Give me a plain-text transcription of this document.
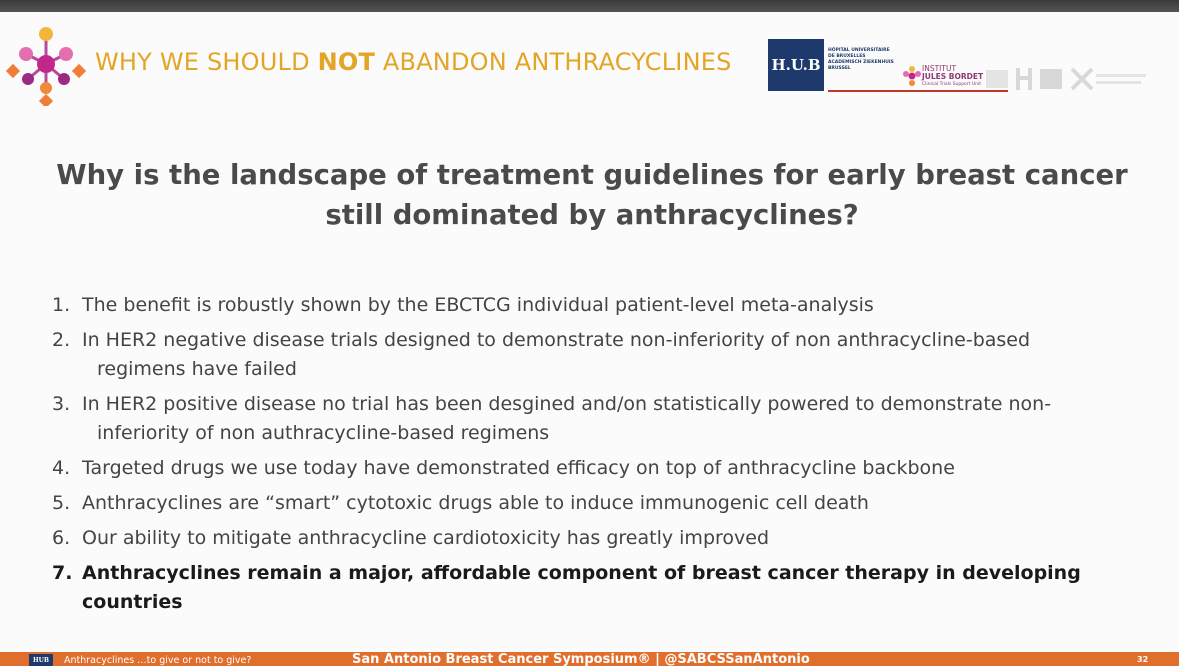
WHY WE SHOULD NOT ABANDON ANTHRACYCLINES	H.U.B
HÔPITAL UNIVERSITAIRE
DE BRUXELLES
ACADEMISCH ZIEKENHUIS
BRUSSEL	INSTITUT
JULES BORDET
Clinical Trials Support Unit
Why is the landscape of treatment guidelines for early breast cancer still dominated by anthracyclines?
1. The benefit is robustly shown by the EBCTCG individual patient-level meta-analysis
2. In HER2 negative disease trials designed to demonstrate non-inferiority of non anthracycline-based
regimens have failed
3. In HER2 positive disease no trial has been desgined and/on statistically powered to demonstrate non-
inferiority of non authracycline-based regimens
4. Targeted drugs we use today have demonstrated efficacy on top of anthracycline backbone
5. Anthracyclines are “smart” cytotoxic drugs able to induce immunogenic cell death
6. Our ability to mitigate anthracycline cardiotoxicity has greatly improved
7. Anthracyclines remain a major, affordable component of breast cancer therapy in developing countries
HUB	Anthracyclines …to give or not to give?	San Antonio Breast Cancer Symposium® | @SABCSSanAntonio	32
